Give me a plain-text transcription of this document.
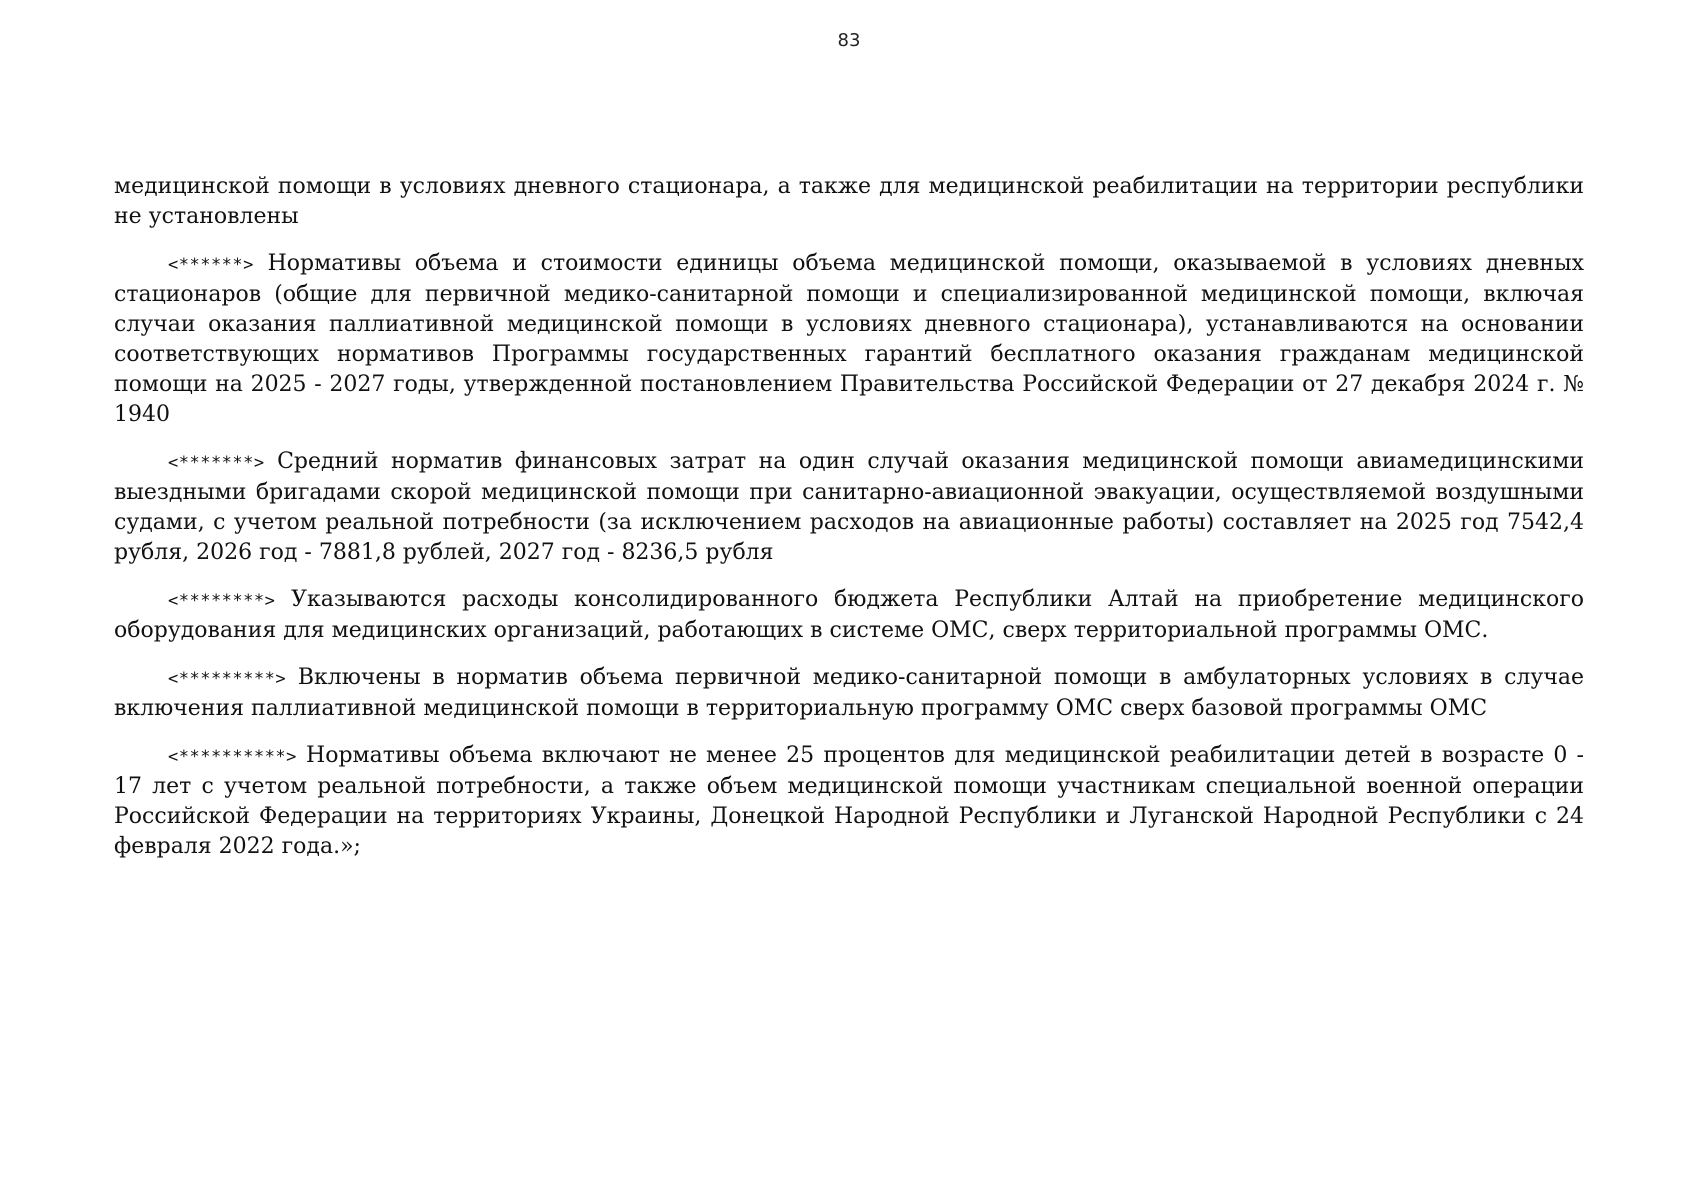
83

медицинской помощи в условиях дневного стационара, а также для медицинской реабилитации на территории республики не установлены

<******> Нормативы объема и стоимости единицы объема медицинской помощи, оказываемой в условиях дневных стационаров (общие для первичной медико-санитарной помощи и специализированной медицинской помощи, включая случаи оказания паллиативной медицинской помощи в условиях дневного стационара), устанавливаются на основании соответствующих нормативов Программы государственных гарантий бесплатного оказания гражданам медицинской помощи на 2025 - 2027 годы, утвержденной постановлением Правительства Российской Федерации от 27 декабря 2024 г. № 1940

<*******> Средний норматив финансовых затрат на один случай оказания медицинской помощи авиамедицинскими выездными бригадами скорой медицинской помощи при санитарно-авиационной эвакуации, осуществляемой воздушными судами, с учетом реальной потребности (за исключением расходов на авиационные работы) составляет на 2025 год 7542,4 рубля, 2026 год - 7881,8 рублей, 2027 год - 8236,5 рубля

<********> Указываются расходы консолидированного бюджета Республики Алтай на приобретение медицинского оборудования для медицинских организаций, работающих в системе ОМС, сверх территориальной программы ОМС.

<*********> Включены в норматив объема первичной медико-санитарной помощи в амбулаторных условиях в случае включения паллиативной медицинской помощи в территориальную программу ОМС сверх базовой программы ОМС

<**********> Нормативы объема включают не менее 25 процентов для медицинской реабилитации детей в возрасте 0 - 17 лет с учетом реальной потребности, а также объем медицинской помощи участникам специальной военной операции Российской Федерации на территориях Украины, Донецкой Народной Республики и Луганской Народной Республики с 24 февраля 2022 года.»;
